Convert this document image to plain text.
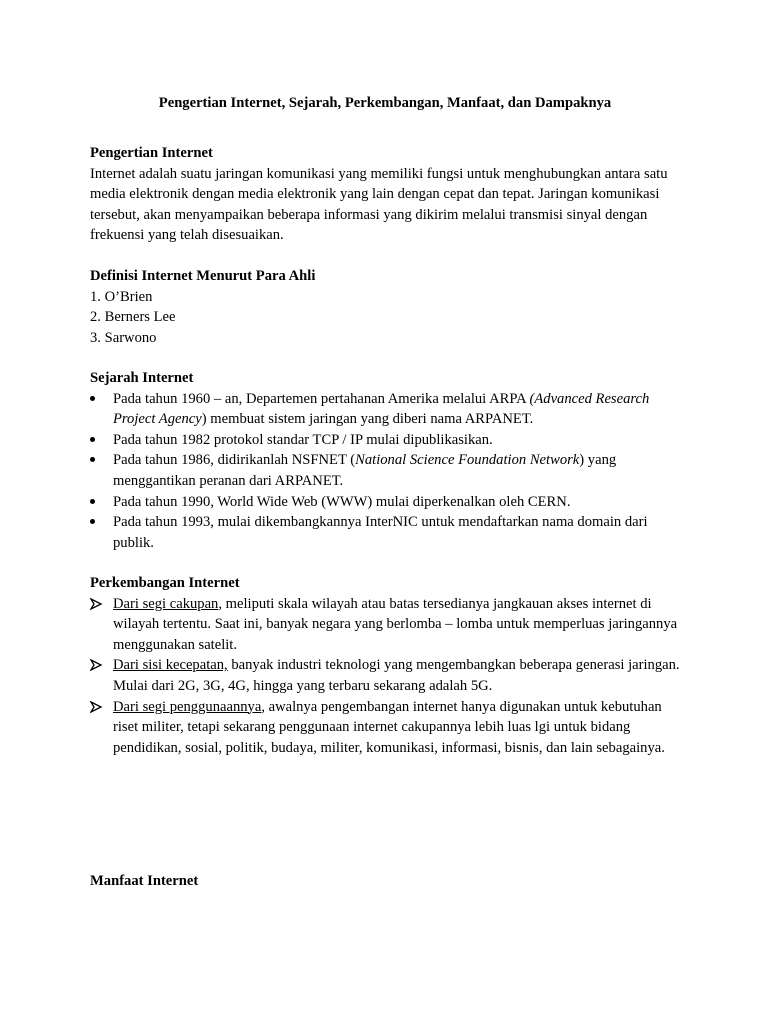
Pengertian Internet, Sejarah, Perkembangan, Manfaat, dan Dampaknya

Pengertian Internet

Internet adalah suatu jaringan komunikasi yang memiliki fungsi untuk menghubungkan antara satu media elektronik dengan media elektronik yang lain dengan cepat dan tepat. Jaringan komunikasi tersebut, akan menyampaikan beberapa informasi yang dikirim melalui transmisi sinyal dengan frekuensi yang telah disesuaikan.

Definisi Internet Menurut Para Ahli

1. O’Brien
2. Berners Lee
3. Sarwono

Sejarah Internet

Pada tahun 1960 – an, Departemen pertahanan Amerika melalui ARPA (Advanced Research Project Agency) membuat sistem jaringan yang diberi nama ARPANET.
Pada tahun 1982 protokol standar TCP / IP mulai dipublikasikan.
Pada tahun 1986, didirikanlah NSFNET (National Science Foundation Network) yang menggantikan peranan dari ARPANET.
Pada tahun 1990, World Wide Web (WWW) mulai diperkenalkan oleh CERN.
Pada tahun 1993, mulai dikembangkannya InterNIC untuk mendaftarkan nama domain dari publik.

Perkembangan Internet

Dari segi cakupan, meliputi skala wilayah atau batas tersedianya jangkauan akses internet di wilayah tertentu. Saat ini, banyak negara yang berlomba – lomba untuk memperluas jaringannya menggunakan satelit.
Dari sisi kecepatan, banyak industri teknologi yang mengembangkan beberapa generasi jaringan. Mulai dari 2G, 3G, 4G, hingga yang terbaru sekarang adalah 5G.
Dari segi penggunaannya, awalnya pengembangan internet hanya digunakan untuk kebutuhan riset militer, tetapi sekarang penggunaan internet cakupannya lebih luas lgi untuk bidang pendidikan, sosial, politik, budaya, militer, komunikasi, informasi, bisnis, dan lain sebagainya.

Manfaat Internet
